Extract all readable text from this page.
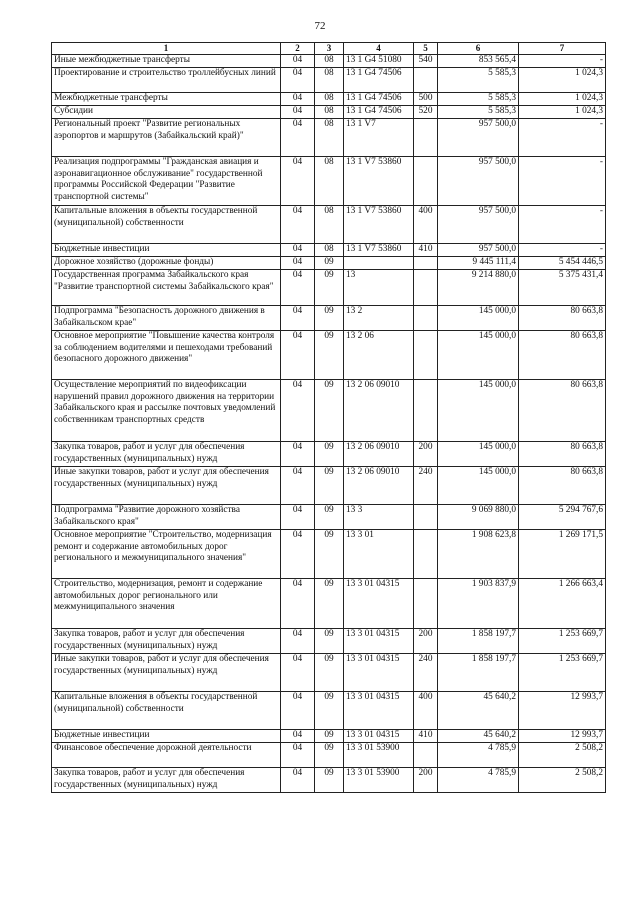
72
1	2	3	4	5	6	7
Иные межбюджетные трансферты	04	08	13 1 G4 51080	540	853 565,4	-
Проектирование и строительство троллейбусных линий	04	08	13 1 G4 74506		5 585,3	1 024,3
Межбюджетные трансферты	04	08	13 1 G4 74506	500	5 585,3	1 024,3
Субсидии	04	08	13 1 G4 74506	520	5 585,3	1 024,3
Региональный проект "Развитие региональных аэропортов и маршрутов (Забайкальский край)"	04	08	13 1 V7		957 500,0	-
Реализация подпрограммы "Гражданская авиация и аэронавигационное обслуживание" государственной программы Российской Федерации "Развитие транспортной системы"	04	08	13 1 V7 53860		957 500,0	-
Капитальные вложения в объекты государственной (муниципальной) собственности	04	08	13 1 V7 53860	400	957 500,0	-
Бюджетные инвестиции	04	08	13 1 V7 53860	410	957 500,0	-
Дорожное хозяйство (дорожные фонды)	04	09			9 445 111,4	5 454 446,5
Государственная программа Забайкальского края "Развитие транспортной системы Забайкальского края"	04	09	13		9 214 880,0	5 375 431,4
Подпрограмма "Безопасность дорожного движения в Забайкальском крае"	04	09	13 2		145 000,0	80 663,8
Основное мероприятие "Повышение качества контроля за соблюдением водителями и пешеходами требований безопасного дорожного движения"	04	09	13 2 06		145 000,0	80 663,8
Осуществление мероприятий по видеофиксации нарушений правил дорожного движения на территории Забайкальского края и рассылке почтовых уведомлений собственникам транспортных средств	04	09	13 2 06 09010		145 000,0	80 663,8
Закупка товаров, работ и услуг для обеспечения государственных (муниципальных) нужд	04	09	13 2 06 09010	200	145 000,0	80 663,8
Иные закупки товаров, работ и услуг для обеспечения государственных (муниципальных) нужд	04	09	13 2 06 09010	240	145 000,0	80 663,8
Подпрограмма "Развитие дорожного хозяйства Забайкальского края"	04	09	13 3		9 069 880,0	5 294 767,6
Основное мероприятие "Строительство, модернизация ремонт и содержание автомобильных дорог регионального и межмуниципального значения"	04	09	13 3 01		1 908 623,8	1 269 171,5
Строительство, модернизация, ремонт и содержание автомобильных дорог регионального или межмуниципального значения	04	09	13 3 01 04315		1 903 837,9	1 266 663,4
Закупка товаров, работ и услуг для обеспечения государственных (муниципальных) нужд	04	09	13 3 01 04315	200	1 858 197,7	1 253 669,7
Иные закупки товаров, работ и услуг для обеспечения государственных (муниципальных) нужд	04	09	13 3 01 04315	240	1 858 197,7	1 253 669,7
Капитальные вложения в объекты государственной (муниципальной) собственности	04	09	13 3 01 04315	400	45 640,2	12 993,7
Бюджетные инвестиции	04	09	13 3 01 04315	410	45 640,2	12 993,7
Финансовое обеспечение дорожной деятельности	04	09	13 3 01 53900		4 785,9	2 508,2
Закупка товаров, работ и услуг для обеспечения государственных (муниципальных) нужд	04	09	13 3 01 53900	200	4 785,9	2 508,2
